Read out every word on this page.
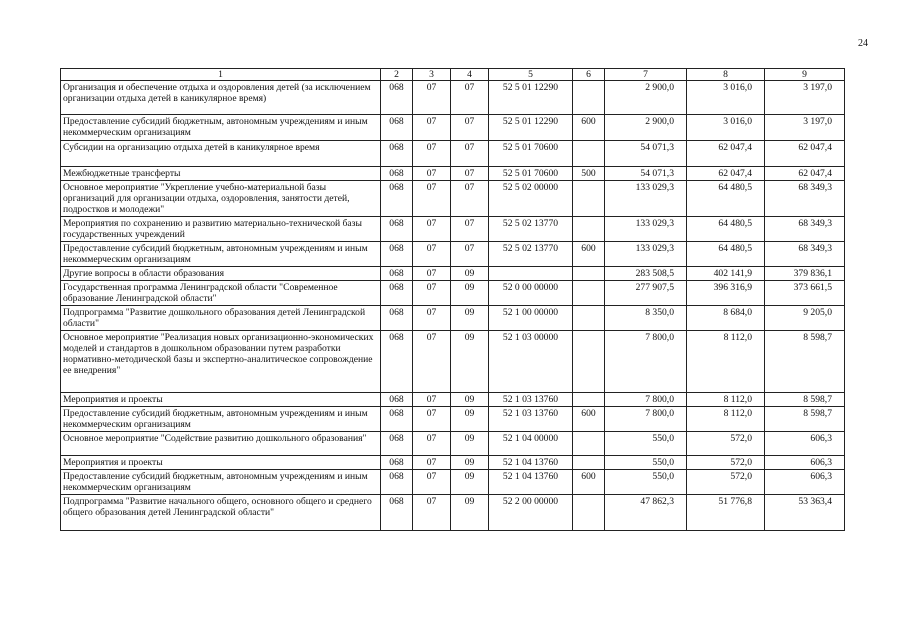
24
1	2	3	4	5	6	7	8	9
Организация и обеспечение отдыха и оздоровления детей (за исключением организации отдыха детей в каникулярное время)	068	07	07	52 5 01 12290		2 900,0	3 016,0	3 197,0
Предоставление субсидий бюджетным, автономным учреждениям и иным некоммерческим организациям	068	07	07	52 5 01 12290	600	2 900,0	3 016,0	3 197,0
Субсидии на организацию отдыха детей в каникулярное время	068	07	07	52 5 01 70600		54 071,3	62 047,4	62 047,4
Межбюджетные трансферты	068	07	07	52 5 01 70600	500	54 071,3	62 047,4	62 047,4
Основное мероприятие "Укрепление учебно-материальной базы организаций для организации отдыха, оздоровления, занятости детей, подростков и молодежи"	068	07	07	52 5 02 00000		133 029,3	64 480,5	68 349,3
Мероприятия по сохранению и развитию материально-технической базы государственных учреждений	068	07	07	52 5 02 13770		133 029,3	64 480,5	68 349,3
Предоставление субсидий бюджетным, автономным учреждениям и иным некоммерческим организациям	068	07	07	52 5 02 13770	600	133 029,3	64 480,5	68 349,3
Другие вопросы в области образования	068	07	09			283 508,5	402 141,9	379 836,1
Государственная программа Ленинградской области "Современное образование Ленинградской области"	068	07	09	52 0 00 00000		277 907,5	396 316,9	373 661,5
Подпрограмма "Развитие дошкольного образования детей Ленинградской области"	068	07	09	52 1 00 00000		8 350,0	8 684,0	9 205,0
Основное мероприятие "Реализация новых организационно-экономических моделей и стандартов в дошкольном образовании путем разработки нормативно-методической базы и экспертно-аналитическое сопровождение ее внедрения"	068	07	09	52 1 03 00000		7 800,0	8 112,0	8 598,7
Мероприятия и проекты	068	07	09	52 1 03 13760		7 800,0	8 112,0	8 598,7
Предоставление субсидий бюджетным, автономным учреждениям и иным некоммерческим организациям	068	07	09	52 1 03 13760	600	7 800,0	8 112,0	8 598,7
Основное мероприятие "Содействие развитию дошкольного образования"	068	07	09	52 1 04 00000		550,0	572,0	606,3
Мероприятия и проекты	068	07	09	52 1 04 13760		550,0	572,0	606,3
Предоставление субсидий бюджетным, автономным учреждениям и иным некоммерческим организациям	068	07	09	52 1 04 13760	600	550,0	572,0	606,3
Подпрограмма "Развитие начального общего, основного общего и среднего общего образования детей Ленинградской области"	068	07	09	52 2 00 00000		47 862,3	51 776,8	53 363,4
